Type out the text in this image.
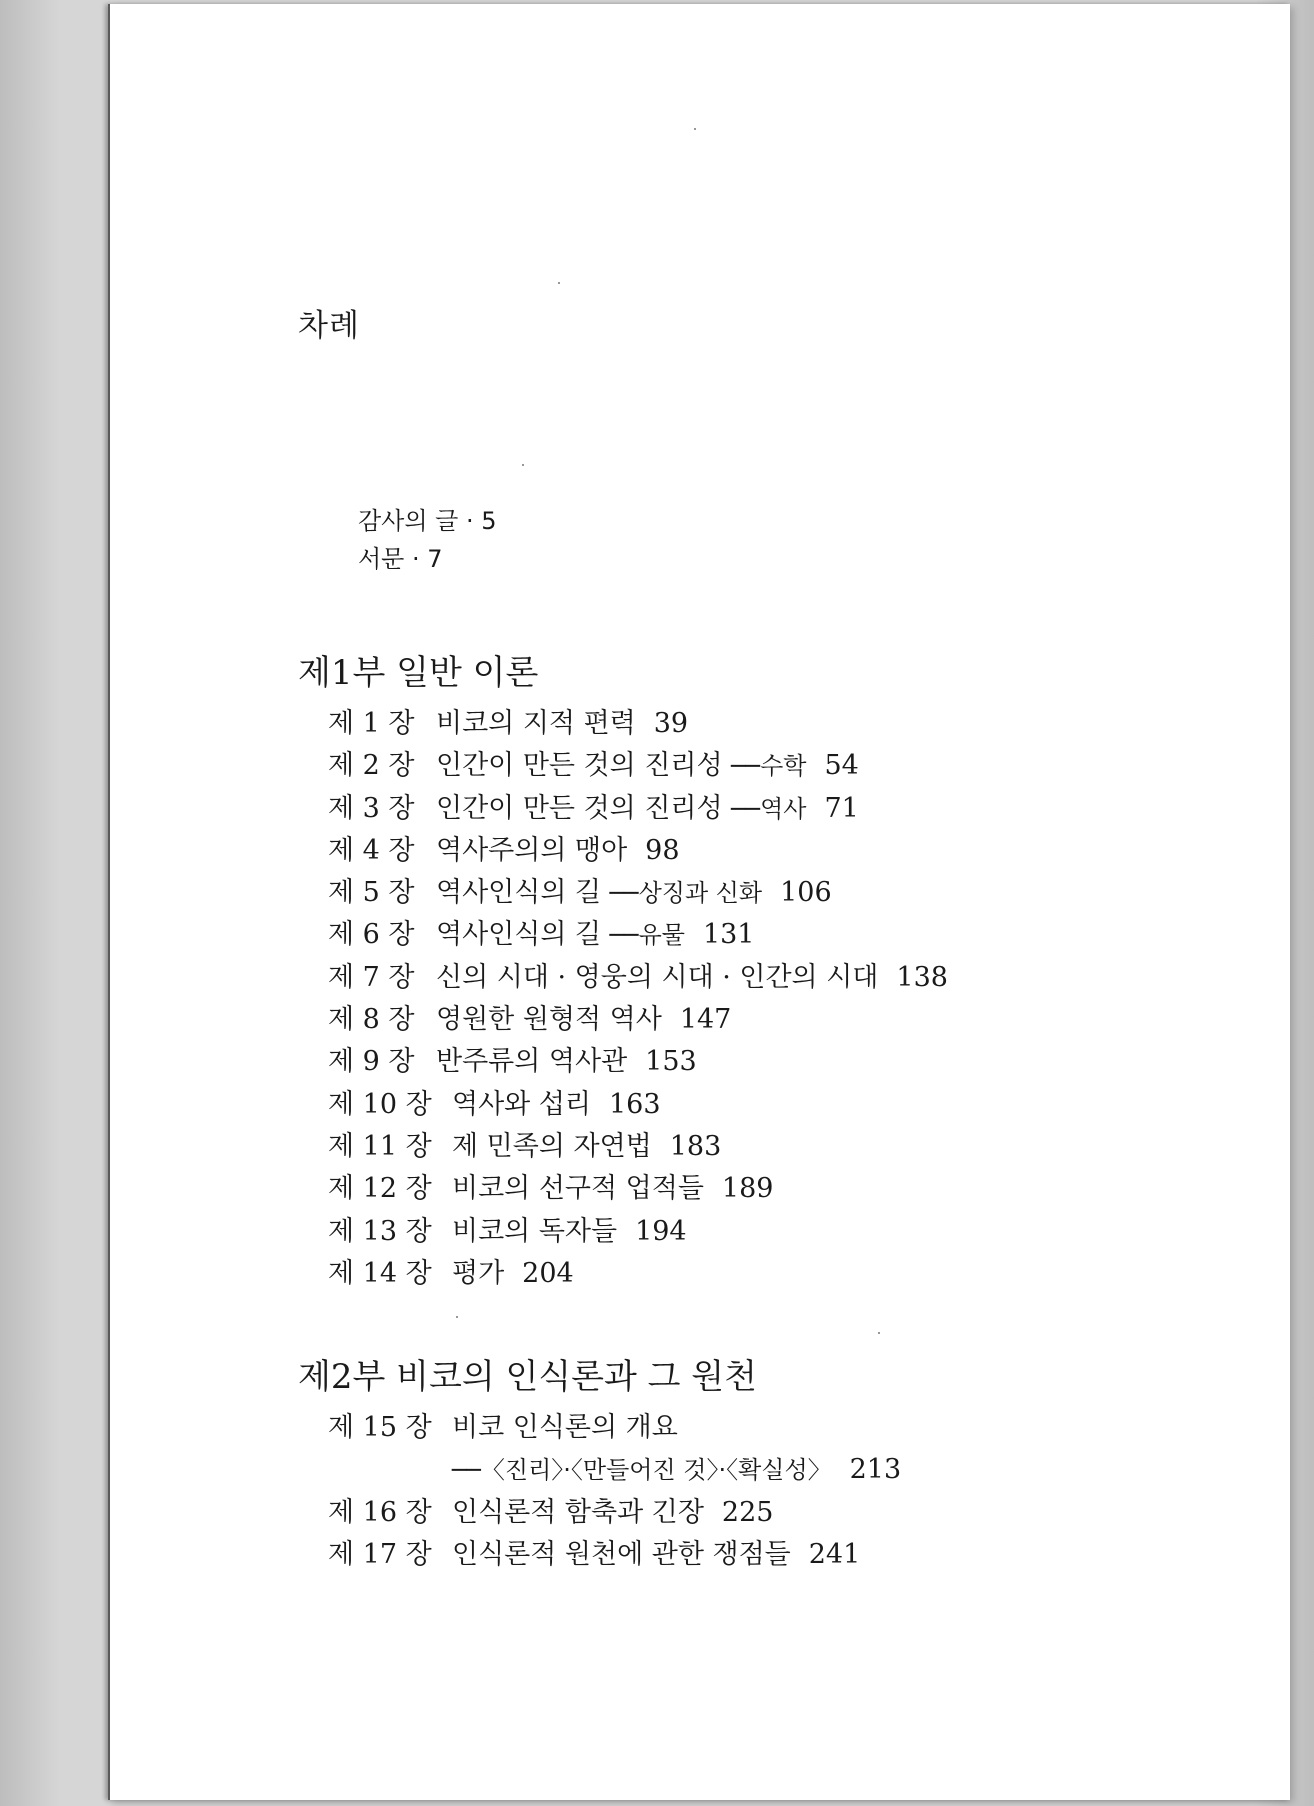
차례
감사의 글 · 5
서문 · 7
제1부 일반 이론
제 1 장 비코의 지적 편력 39
제 2 장 인간이 만든 것의 진리성 ──수학 54
제 3 장 인간이 만든 것의 진리성 ──역사 71
제 4 장 역사주의의 맹아 98
제 5 장 역사인식의 길 ──상징과 신화 106
제 6 장 역사인식의 길 ──유물 131
제 7 장 신의 시대 · 영웅의 시대 · 인간의 시대 138
제 8 장 영원한 원형적 역사 147
제 9 장 반주류의 역사관 153
제 10 장 역사와 섭리 163
제 11 장 제 민족의 자연법 183
제 12 장 비코의 선구적 업적들 189
제 13 장 비코의 독자들 194
제 14 장 평가 204
제2부 비코의 인식론과 그 원천
제 15 장 비코 인식론의 개요
──〈진리〉·〈만들어진 것〉·〈확실성〉 213
제 16 장 인식론적 함축과 긴장 225
제 17 장 인식론적 원천에 관한 쟁점들 241
